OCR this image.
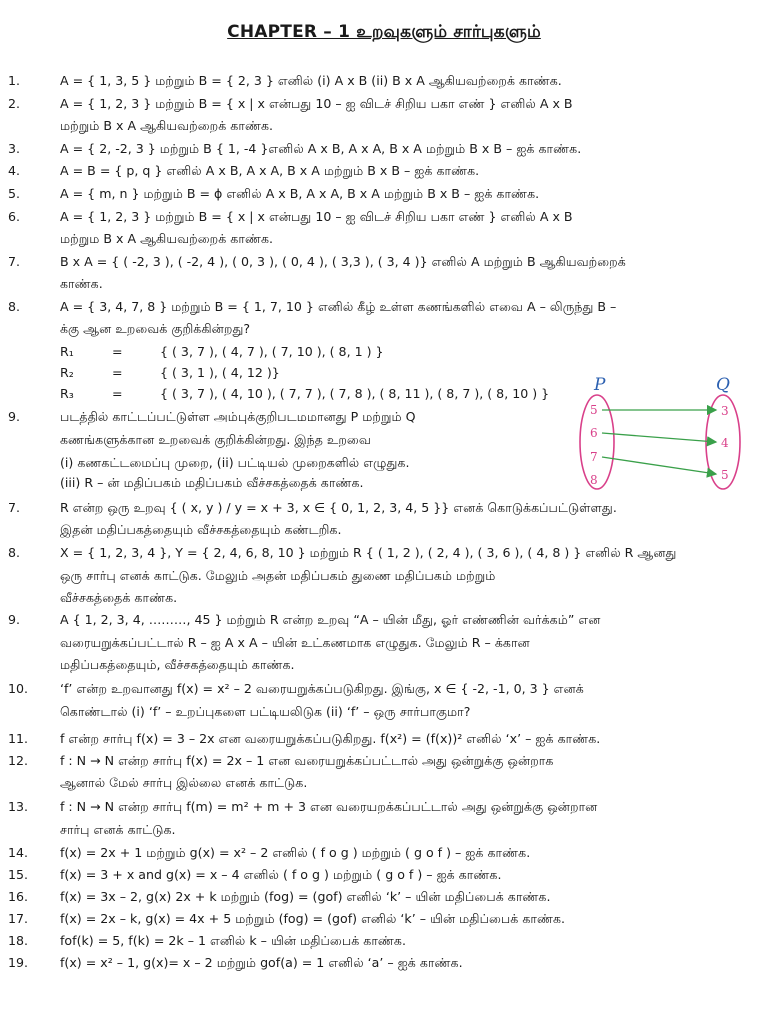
CHAPTER – 1 உறவுகளும் சார்புகளும்
1.	A = { 1, 3, 5 } மற்றும் B = { 2, 3 } எனில் (i) A x B (ii) B x A ஆகியவற்றைக் காண்க.
2.	A = { 1, 2, 3 } மற்றும் B = { x | x என்பது 10 – ஐ விடச் சிறிய பகா எண் } எனில் A x B
மற்றும் B x A ஆகியவற்றைக் காண்க.
3.	A = { 2, -2, 3 } மற்றும் B { 1, -4 }எனில் A x B, A x A, B x A மற்றும் B x B – ஐக் காண்க.
4.	A = B = { p, q } எனில் A x B, A x A, B x A மற்றும் B x B – ஐக் காண்க.
5.	A = { m, n } மற்றும் B = ϕ எனில் A x B, A x A, B x A மற்றும் B x B – ஐக் காண்க.
6.	A = { 1, 2, 3 } மற்றும் B = { x | x என்பது 10 – ஐ விடச் சிறிய பகா எண் } எனில் A x B
மற்றும B x A ஆகியவற்றைக் காண்க.
7.	B x A = { ( -2, 3 ), ( -2, 4 ), ( 0, 3 ), ( 0, 4 ), ( 3,3 ), ( 3, 4 )} எனில் A மற்றும் B ஆகியவற்றைக்
காண்க.
8.	A = { 3, 4, 7, 8 } மற்றும் B = { 1, 7, 10 } எனில் கீழ் உள்ள கணங்களில் எவை A – லிருந்து B –
க்கு ஆன உறவைக் குறிக்கின்றது?
R₁	=	{ ( 3, 7 ), ( 4, 7 ), ( 7, 10 ), ( 8, 1 ) }
R₂	=	{ ( 3, 1 ), ( 4, 12 )}
R₃	=	{ ( 3, 7 ), ( 4, 10 ), ( 7, 7 ), ( 7, 8 ), ( 8, 11 ), ( 8, 7 ), ( 8, 10 ) }
9.	படத்தில் காட்டப்பட்டுள்ள அம்புக்குறிபடமமானது P மற்றும் Q
கணங்களுக்கான உறவைக் குறிக்கின்றது. இந்த உறவை
(i) கணகட்டமைப்பு முறை, (ii) பட்டியல் முறைகளில் எழுதுக.
(iii) R – ன் மதிப்பகம் மதிப்பகம் வீச்சகத்தைக் காண்க.
P	Q
5
6
7
8
3
4
5
7.	R என்ற ஒரு உறவு { ( x, y ) / y = x + 3, x ∈ { 0, 1, 2, 3, 4, 5 }} எனக் கொடுக்கப்பட்டுள்ளது.
இதன் மதிப்பகத்தையும் வீச்சகத்தையும் கண்டறிக.
8.	X = { 1, 2, 3, 4 }, Y = { 2, 4, 6, 8, 10 } மற்றும் R { ( 1, 2 ), ( 2, 4 ), ( 3, 6 ), ( 4, 8 ) } எனில் R ஆனது
ஒரு சார்பு எனக் காட்டுக. மேலும் அதன் மதிப்பகம் துணை மதிப்பகம் மற்றும்
வீச்சகத்தைக் காண்க.
9.	A { 1, 2, 3, 4, ………, 45 } மற்றும் R என்ற உறவு “A – யின் மீது, ஓர் எண்ணின் வர்க்கம்” என
வரையறுக்கப்பட்டால் R – ஐ A x A – யின் உட்கணமாக எழுதுக. மேலும் R – க்கான
மதிப்பகத்தையும், வீச்சகத்தையும் காண்க.
10.	‘f’ என்ற உறவானது f(x) = x² – 2 வரையறுக்கப்படுகிறது. இங்கு, x ∈ { -2, -1, 0, 3 } எனக்
கொண்டால் (i) ‘f’ – உறப்புகளை பட்டியலிடுக (ii) ‘f’ – ஒரு சார்பாகுமா?
11.	f என்ற சார்பு f(x) = 3 – 2x என வரையறுக்கப்படுகிறது. f(x²) = (f(x))² எனில் ‘x’ – ஐக் காண்க.
12.	f : N → N என்ற சார்பு f(x) = 2x – 1 என வரையறுக்கப்பட்டால் அது ஒன்றுக்கு ஒன்றாக
ஆனால் மேல் சார்பு இல்லை எனக் காட்டுக.
13.	f : N → N என்ற சார்பு f(m) = m² + m + 3 என வரையறக்கப்பட்டால் அது ஒன்றுக்கு ஒன்றான
சார்பு எனக் காட்டுக.
14.	f(x) = 2x + 1 மற்றும் g(x) = x² – 2 எனில் ( f o g ) மற்றும் ( g o f ) – ஐக் காண்க.
15.	f(x) = 3 + x and g(x) = x – 4 எனில் ( f o g ) மற்றும் ( g o f ) – ஐக் காண்க.
16.	f(x) = 3x – 2, g(x) 2x + k மற்றும் (fog) = (gof) எனில் ‘k’ – யின் மதிப்பைக் காண்க.
17.	f(x) = 2x – k, g(x) = 4x + 5 மற்றும் (fog) = (gof) எனில் ‘k’ – யின் மதிப்பைக் காண்க.
18.	fof(k) = 5, f(k) = 2k – 1 எனில் k – யின் மதிப்பைக் காண்க.
19.	f(x) = x² – 1, g(x)= x – 2 மற்றும் gof(a) = 1 எனில் ‘a’ – ஐக் காண்க.
